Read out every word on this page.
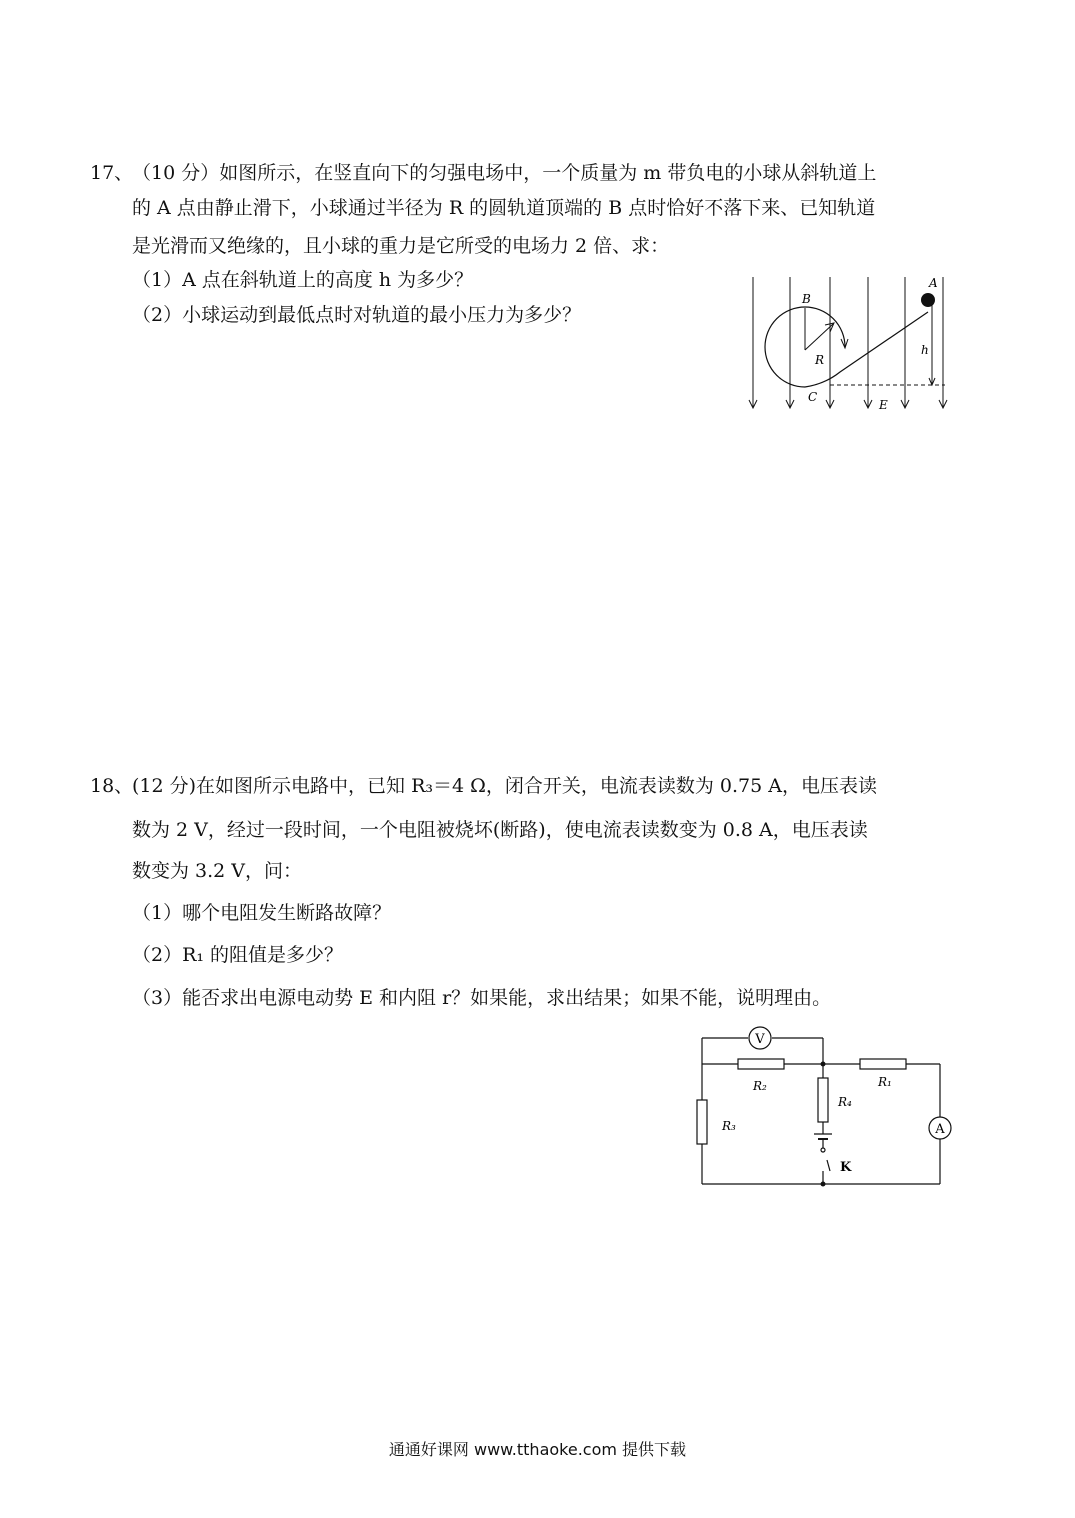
17、
（10 分）如图所示，在竖直向下的匀强电场中，一个质量为 m 带负电的小球从斜轨道上
的 A 点由静止滑下，小球通过半径为 R 的圆轨道顶端的 B 点时恰好不落下来、已知轨道
是光滑而又绝缘的，且小球的重力是它所受的电场力 2 倍、求：
（1）A 点在斜轨道上的高度 h 为多少？
（2）小球运动到最低点时对轨道的最小压力为多少？
A
B
R
h
C
E
18、
(12 分)在如图所示电路中，已知 R₃＝4 Ω，闭合开关，电流表读数为 0.75 A，电压表读
数为 2 V，经过一段时间，一个电阻被烧坏(断路)，使电流表读数变为 0.8 A，电压表读
数变为 3.2 V，问：
（1）哪个电阻发生断路故障？
（2）R₁ 的阻值是多少？
（3）能否求出电源电动势 E 和内阻 r？如果能，求出结果；如果不能，说明理由。
V
A
R₂	R₁
R₃
R₄
K
通通好课网 www.tthaoke.com 提供下载
